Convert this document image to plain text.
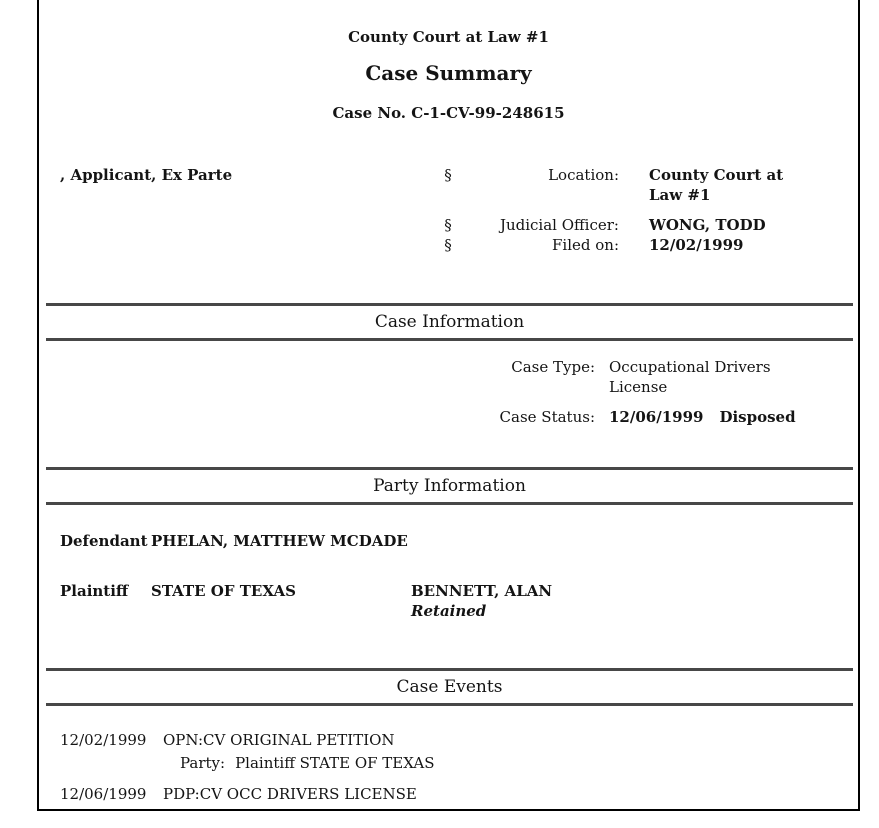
County Court at Law #1
Case Summary
Case No. C-1-CV-99-248615
, Applicant, Ex Parte	§	Location:	County Court at Law #1
§	Judicial Officer:	WONG, TODD
§	Filed on:	12/02/1999
Case Information
Case Type: Occupational Drivers License
Case Status: 12/06/1999 Disposed
Party Information
Defendant PHELAN, MATTHEW MCDADE
Plaintiff	STATE OF TEXAS	BENNETT, ALAN
Retained
Case Events
12/02/1999	OPN:CV ORIGINAL PETITION
Party: Plaintiff STATE OF TEXAS
12/06/1999	PDP:CV OCC DRIVERS LICENSE
